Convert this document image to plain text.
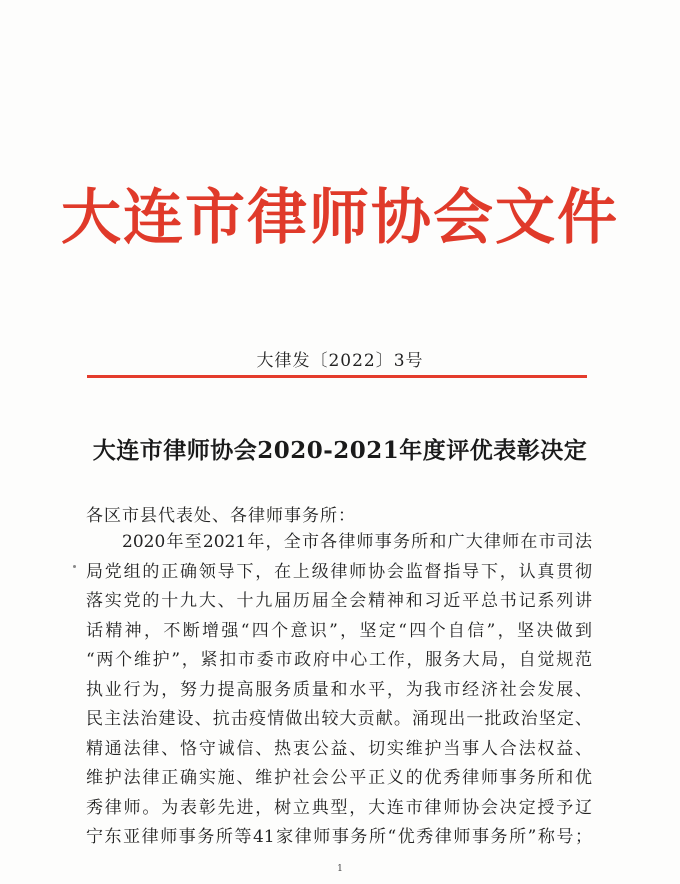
大连市律师协会文件
大律发〔2022〕3号
大连市律师协会2020-2021年度评优表彰决定
各区市县代表处、各律师事务所：
2020年至2021年，全市各律师事务所和广大律师在市司法
局党组的正确领导下，在上级律师协会监督指导下，认真贯彻
落实党的十九大、十九届历届全会精神和习近平总书记系列讲
话精神，不断增强“四个意识”，坚定“四个自信”，坚决做到
“两个维护”，紧扣市委市政府中心工作，服务大局，自觉规范
执业行为，努力提高服务质量和水平，为我市经济社会发展、
民主法治建设、抗击疫情做出较大贡献。涌现出一批政治坚定、
精通法律、恪守诚信、热衷公益、切实维护当事人合法权益、
维护法律正确实施、维护社会公平正义的优秀律师事务所和优
秀律师。为表彰先进，树立典型，大连市律师协会决定授予辽
宁东亚律师事务所等41家律师事务所“优秀律师事务所”称号；
1
